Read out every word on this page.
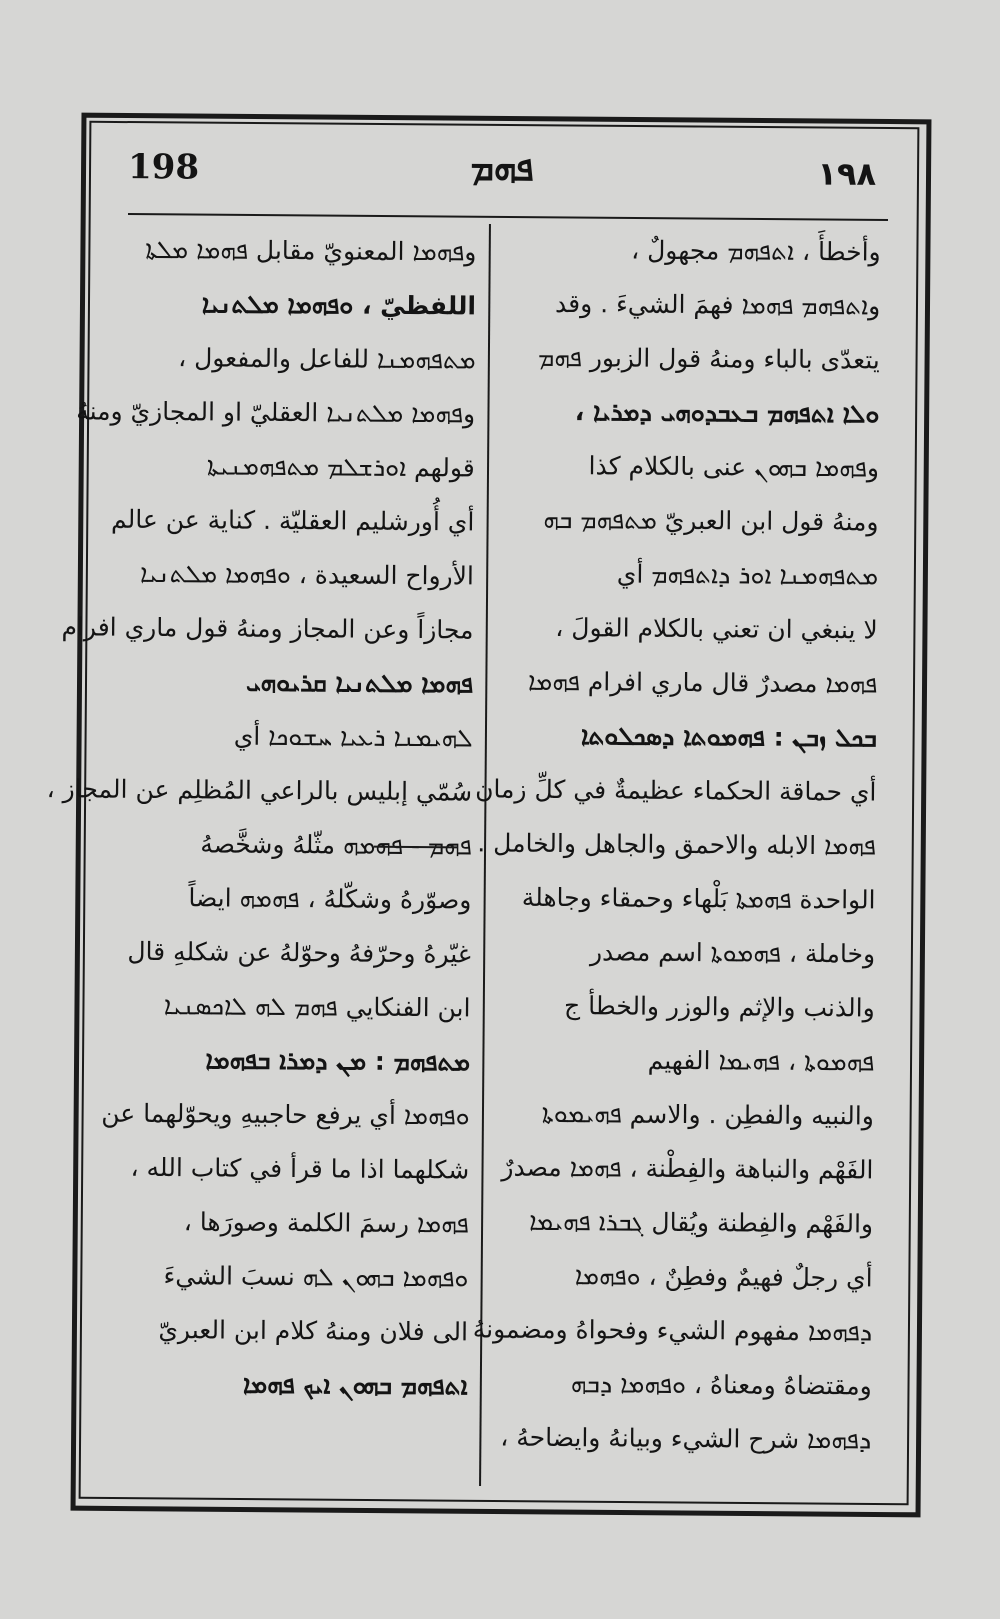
198	ܦܗܡ	١٩٨
وأخطأَ ، ܐܬܦܗܡ مجهولٌ ،
وܐܬܦܗܡ ܦܗܡܐ فهمَ الشيءَ . وقد
يتعدّى بالباء ومنهُ قول الزبور ܦܗܡ
ܘܠܐ ܐܬܦܗܡ ܒܥܒܕܘܗܝ ܕܡܪܝܐ ،
وܦܗܡܐ ܒܗܘܢ عنى بالكلام كذا
ومنهُ قول ابن العبريّ ܡܬܦܗܡ ܒܗ
ܡܬܦܗܡܢܐ ܐܘܪ ܕܐܬܦܗܡ أي
لا ينبغي ان تعني بالكلام القولَ ،
ܦܗܡܐ مصدرٌ قال ماري افرام ܦܗܡܐ
ܒܟܠ ܙܒܢ : ܦܗܡܘܬܐ ܕܣܟܠܘܬܐ
أي حماقة الحكماء عظيمةٌ في كلِّ زمان ،
ܦܗܡܐ الابله والاحمق والجاهل والخامل .
الواحدة ܦܗܡܬܐ بَلْهاء وحمقاء وجاهلة
وخاملة ، ܦܗܡܘܬܐ اسم مصدر
والذنب والإثم والوزر والخطأ ج
ܦܗܡܘܬܐ ، ܦܗܝܡܐ الفهيم
والنبيه والفطِن . والاسم ܦܗܝܡܘܬܐ
الفَهْم والنباهة والفِطْنة ، ܦܗܡܐ مصدرٌ
والفَهْم والفِطنة ويُقال ܓܒܪܐ ܦܗܝܡܐ
أي رجلٌ فهيمٌ وفطِنٌ ، ܘܦܗܡܐ
ܕܦܗܡܐ مفهوم الشيء وفحواهُ ومضمونهُ
ومقتضاهُ ومعناهُ ، ܘܦܗܡܐ ܕܒܗ
ܕܦܗܡܐ شرح الشيء وبيانهُ وايضاحهُ ،
وܦܗܡܐ المعنويّ مقابل ܦܗܡܐ ܡܠܬܐ
اللفظيّ ، ܘܦܗܡܐ ܡܠܬܢܝܐ
ܡܬܦܗܡܢܐ للفاعل والمفعول ،
وܦܗܡܐ ܡܠܬܢܝܐ العقليّ او المجازيّ ومنهُ
قولهم ܐܘܪܫܠܡ ܡܬܦܗܡܢܝܬܐ
أي أُورشليم العقليّة . كناية عن عالم
الأرواح السعيدة ، ܘܦܗܡܐ ܡܠܬܢܝܐ
مجازاً وعن المجاز ومنهُ قول ماري افرام
ܦܗܡܐ ܡܠܬܢܝܐ ܩܪܝܘܗܝ
ܠܗܝܡܢܐ ܪܥܝܐ ܚܫܘܟܐ أي
سُمّي إبليس بالراعي المُظلِم عن المجاز ،
ܦܗܡ - ܦܗܡܗ مثّلهُ وشخَّصهُ
وصوّرهُ وشكّلهُ ، ܦܗܡܗ ايضاً
غيّرهُ وحرّفهُ وحوّلهُ عن شكلهِ قال
ابن الفنكايي ܦܗܡ ܠܗ ܠܐܟܣܢܝܐ
ܡܬܦܗܡ : ܡܢ ܕܡܪܐ ܒܦܗܡܐ
ܘܦܗܡܐ أي يرفع حاجبيهِ ويحوّلهما عن
شكلهما اذا ما قرأ في كتاب الله ،
ܦܗܡܐ رسمَ الكلمة وصورَها ،
ܘܦܗܡܐ ܒܗܘܢ ܠܗ نسبَ الشيءَ
الى فلان ومنهُ كلام ابن العبريّ
ܐܬܦܗܡ ܒܗܘܢ ܐܝܟ ܦܗܡܐ
